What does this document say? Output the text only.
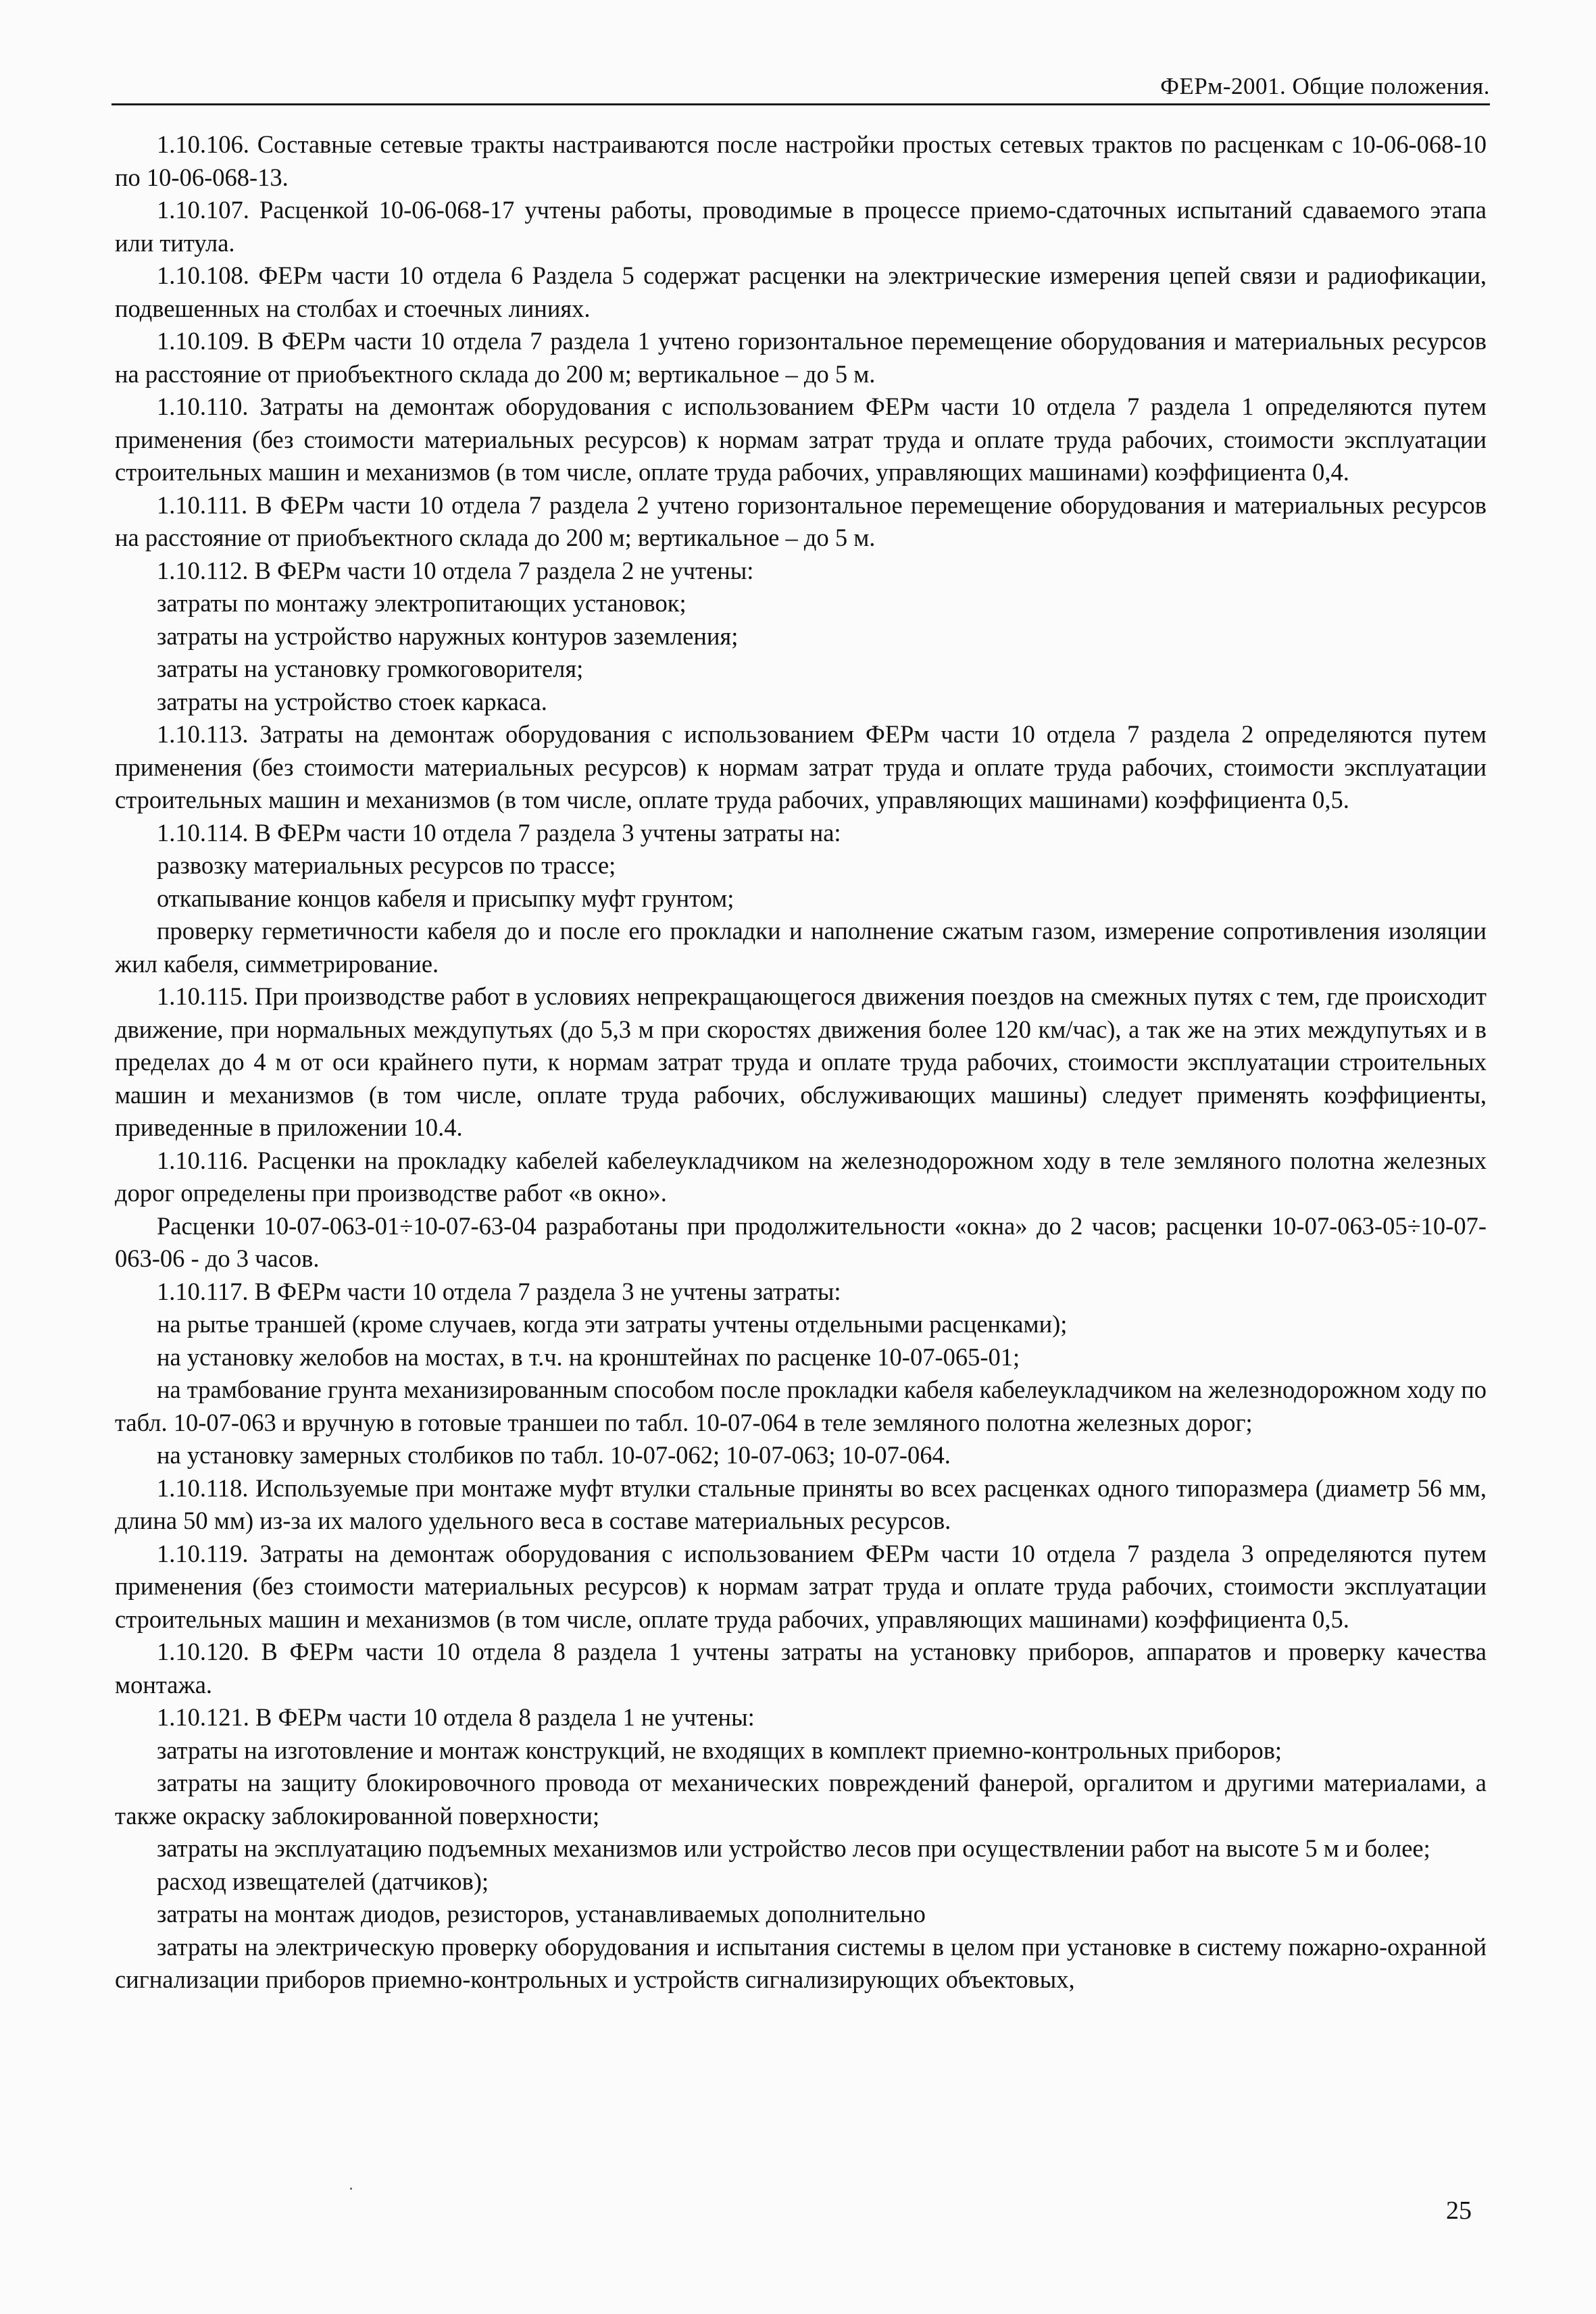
ФЕРм-2001. Общие положения.

1.10.106. Составные сетевые тракты настраиваются после настройки простых сетевых трактов по расценкам с 10-06-068-10 по 10-06-068-13.

1.10.107. Расценкой 10-06-068-17 учтены работы, проводимые в процессе приемо-сдаточных испытаний сдаваемого этапа или титула.

1.10.108. ФЕРм части 10 отдела 6 Раздела 5 содержат расценки на электрические измерения цепей связи и радиофикации, подвешенных на столбах и стоечных линиях.

1.10.109. В ФЕРм части 10 отдела 7 раздела 1 учтено горизонтальное перемещение оборудования и материальных ресурсов на расстояние от приобъектного склада до 200 м; вертикальное – до 5 м.

1.10.110. Затраты на демонтаж оборудования с использованием ФЕРм части 10 отдела 7 раздела 1 определяются путем применения (без стоимости материальных ресурсов) к нормам затрат труда и оплате труда рабочих, стоимости эксплуатации строительных машин и механизмов (в том числе, оплате труда рабочих, управляющих машинами) коэффициента 0,4.

1.10.111. В ФЕРм части 10 отдела 7 раздела 2 учтено горизонтальное перемещение оборудования и материальных ресурсов на расстояние от приобъектного склада до 200 м; вертикальное – до 5 м.

1.10.112. В ФЕРм части 10 отдела 7 раздела 2 не учтены:

затраты по монтажу электропитающих установок;

затраты на устройство наружных контуров заземления;

затраты на установку громкоговорителя;

затраты на устройство стоек каркаса.

1.10.113. Затраты на демонтаж оборудования с использованием ФЕРм части 10 отдела 7 раздела 2 определяются путем применения (без стоимости материальных ресурсов) к нормам затрат труда и оплате труда рабочих, стоимости эксплуатации строительных машин и механизмов (в том числе, оплате труда рабочих, управляющих машинами) коэффициента 0,5.

1.10.114. В ФЕРм части 10 отдела 7 раздела 3 учтены затраты на:

развозку материальных ресурсов по трассе;

откапывание концов кабеля и присыпку муфт грунтом;

проверку герметичности кабеля до и после его прокладки и наполнение сжатым газом, измерение сопротивления изоляции жил кабеля, симметрирование.

1.10.115. При производстве работ в условиях непрекращающегося движения поездов на смежных путях с тем, где происходит движение, при нормальных междупутьях (до 5,3 м при скоростях движения более 120 км/час), а так же на этих междупутьях и в пределах до 4 м от оси крайнего пути, к нормам затрат труда и оплате труда рабочих, стоимости эксплуатации строительных машин и механизмов (в том числе, оплате труда рабочих, обслуживающих машины) следует применять коэффициенты, приведенные в приложении 10.4.

1.10.116. Расценки на прокладку кабелей кабелеукладчиком на железнодорожном ходу в теле земляного полотна железных дорог определены при производстве работ «в окно».

Расценки 10-07-063-01÷10-07-63-04 разработаны при продолжительности «окна» до 2 часов; расценки 10-07-063-05÷10-07-063-06 - до 3 часов.

1.10.117. В ФЕРм части 10 отдела 7 раздела 3 не учтены затраты:

на рытье траншей (кроме случаев, когда эти затраты учтены отдельными расценками);

на установку желобов на мостах, в т.ч. на кронштейнах по расценке 10-07-065-01;

на трамбование грунта механизированным способом после прокладки кабеля кабелеукладчиком на железнодорожном ходу по табл. 10-07-063 и вручную в готовые траншеи по табл. 10-07-064 в теле земляного полотна железных дорог;

на установку замерных столбиков по табл. 10-07-062; 10-07-063; 10-07-064.

1.10.118. Используемые при монтаже муфт втулки стальные приняты во всех расценках одного типоразмера (диаметр 56 мм, длина 50 мм) из-за их малого удельного веса в составе материальных ресурсов.

1.10.119. Затраты на демонтаж оборудования с использованием ФЕРм части 10 отдела 7 раздела 3 определяются путем применения (без стоимости материальных ресурсов) к нормам затрат труда и оплате труда рабочих, стоимости эксплуатации строительных машин и механизмов (в том числе, оплате труда рабочих, управляющих машинами) коэффициента 0,5.

1.10.120. В ФЕРм части 10 отдела 8 раздела 1 учтены затраты на установку приборов, аппаратов и проверку качества монтажа.

1.10.121. В ФЕРм части 10 отдела 8 раздела 1 не учтены:

затраты на изготовление и монтаж конструкций, не входящих в комплект приемно-контрольных приборов;

затраты на защиту блокировочного провода от механических повреждений фанерой, оргалитом и другими материалами, а также окраску заблокированной поверхности;

затраты на эксплуатацию подъемных механизмов или устройство лесов при осуществлении работ на высоте 5 м и более;

расход извещателей (датчиков);

затраты на монтаж диодов, резисторов, устанавливаемых дополнительно

затраты на электрическую проверку оборудования и испытания системы в целом при установке в систему пожарно-охранной сигнализации приборов приемно-контрольных и устройств сигнализирующих объектовых,

25
